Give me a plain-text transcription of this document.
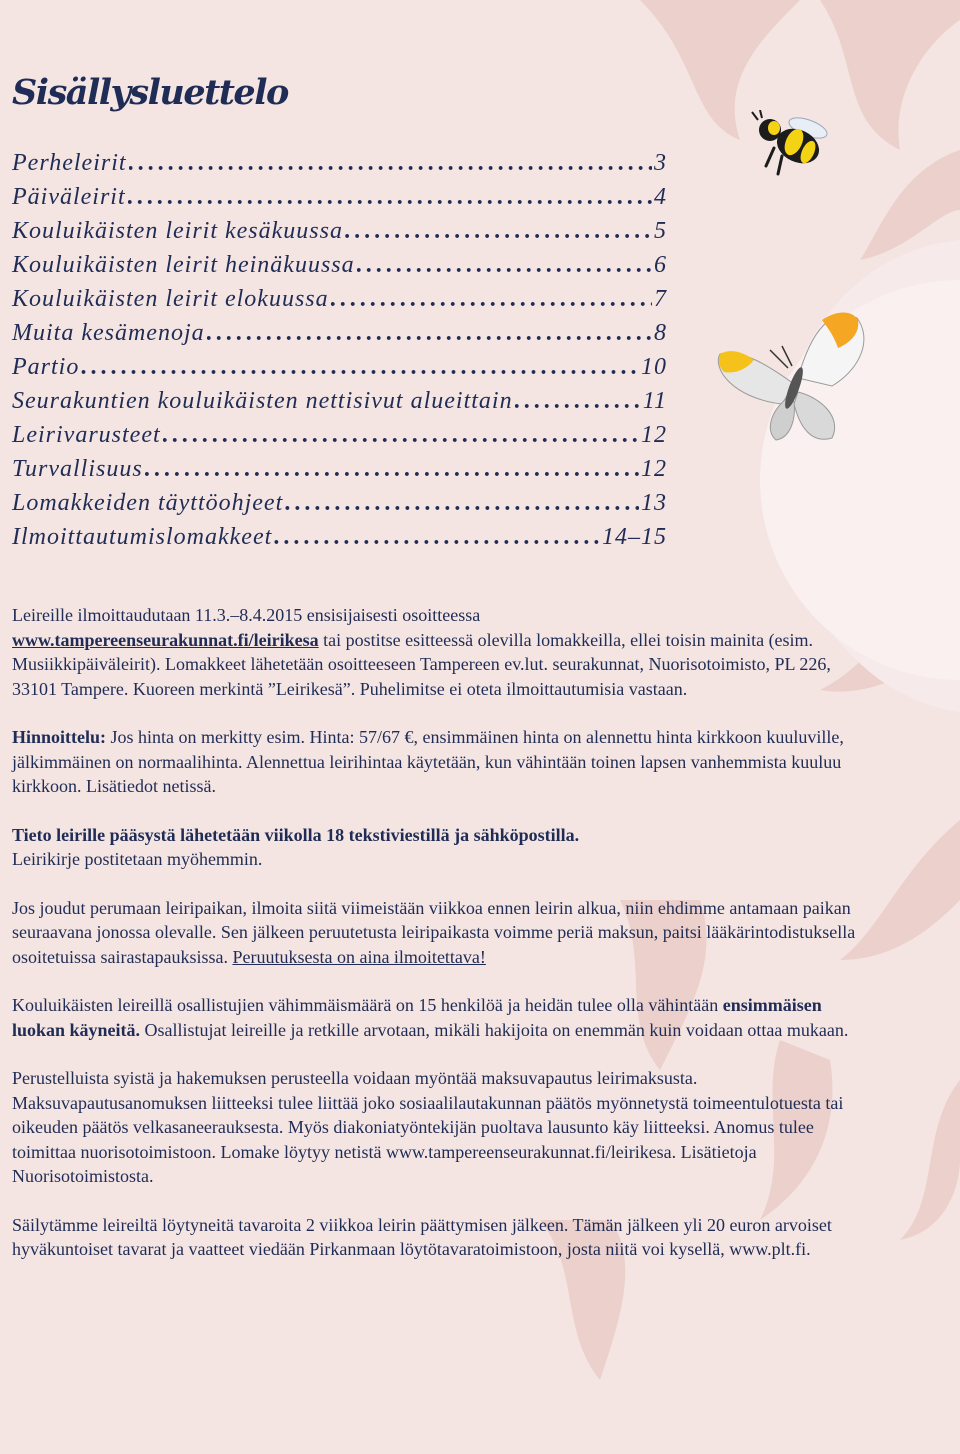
Sisällysluettelo
Perheleirit . . .	3
Päiväleirit . . .	4
Kouluikäisten leirit kesäkuussa . . .	5
Kouluikäisten leirit heinäkuussa . . .	6
Kouluikäisten leirit elokuussa . . .	7
Muita kesämenoja . . .	8
Partio . . .	10
Seurakuntien kouluikäisten nettisivut alueittain . . .	11
Leirivarusteet . . .	12
Turvallisuus . . .	12
Lomakkeiden täyttöohjeet . . .	13
Ilmoittautumislomakkeet . . .	14–15

Leireille ilmoittaudutaan 11.3.–8.4.2015 ensisijaisesti osoitteessa
www.tampereenseurakunnat.fi/leirikesa tai postitse esitteessä olevilla lomakkeilla, ellei toisin mainita (esim. Musiikkipäiväleirit). Lomakkeet lähetetään osoitteeseen Tampereen ev.lut. seurakunnat, Nuorisotoimisto, PL 226, 33101 Tampere. Kuoreen merkintä ”Leirikesä”. Puhelimitse ei oteta ilmoittautumisia vastaan.

Hinnoittelu: Jos hinta on merkitty esim. Hinta: 57/67 €, ensimmäinen hinta on alennettu hinta kirkkoon kuuluville, jälkimmäinen on normaalihinta. Alennettua leirihintaa käytetään, kun vähintään toinen lapsen vanhemmista kuuluu kirkkoon. Lisätiedot netissä.

Tieto leirille pääsystä lähetetään viikolla 18 tekstiviestillä ja sähköpostilla.
Leirikirje postitetaan myöhemmin.

Jos joudut perumaan leiripaikan, ilmoita siitä viimeistään viikkoa ennen leirin alkua, niin ehdimme antamaan paikan seuraavana jonossa olevalle. Sen jälkeen peruutetusta leiripaikasta voimme periä maksun, paitsi lääkärintodistuksella osoitetuissa sairastapauksissa. Peruutuksesta on aina ilmoitettava!

Kouluikäisten leireillä osallistujien vähimmäismäärä on 15 henkilöä ja heidän tulee olla vähintään ensimmäisen luokan käyneitä. Osallistujat leireille ja retkille arvotaan, mikäli hakijoita on enemmän kuin voidaan ottaa mukaan.

Perustelluista syistä ja hakemuksen perusteella voidaan myöntää maksuvapautus leirimaksusta. Maksuvapautusanomuksen liitteeksi tulee liittää joko sosiaalilautakunnan päätös myönnetystä toimeentulotuesta tai oikeuden päätös velkasaneerauksesta. Myös diakoniatyöntekijän puoltava lausunto käy liitteeksi. Anomus tulee toimittaa nuorisotoimistoon. Lomake löytyy netistä www.tampereenseurakunnat.fi/leirikesa. Lisätietoja Nuorisotoimistosta.

Säilytämme leireiltä löytyneitä tavaroita 2 viikkoa leirin päättymisen jälkeen. Tämän jälkeen yli 20 euron arvoiset hyväkuntoiset tavarat ja vaatteet viedään Pirkanmaan löytötavaratoimistoon, josta niitä voi kysellä, www.plt.fi.
